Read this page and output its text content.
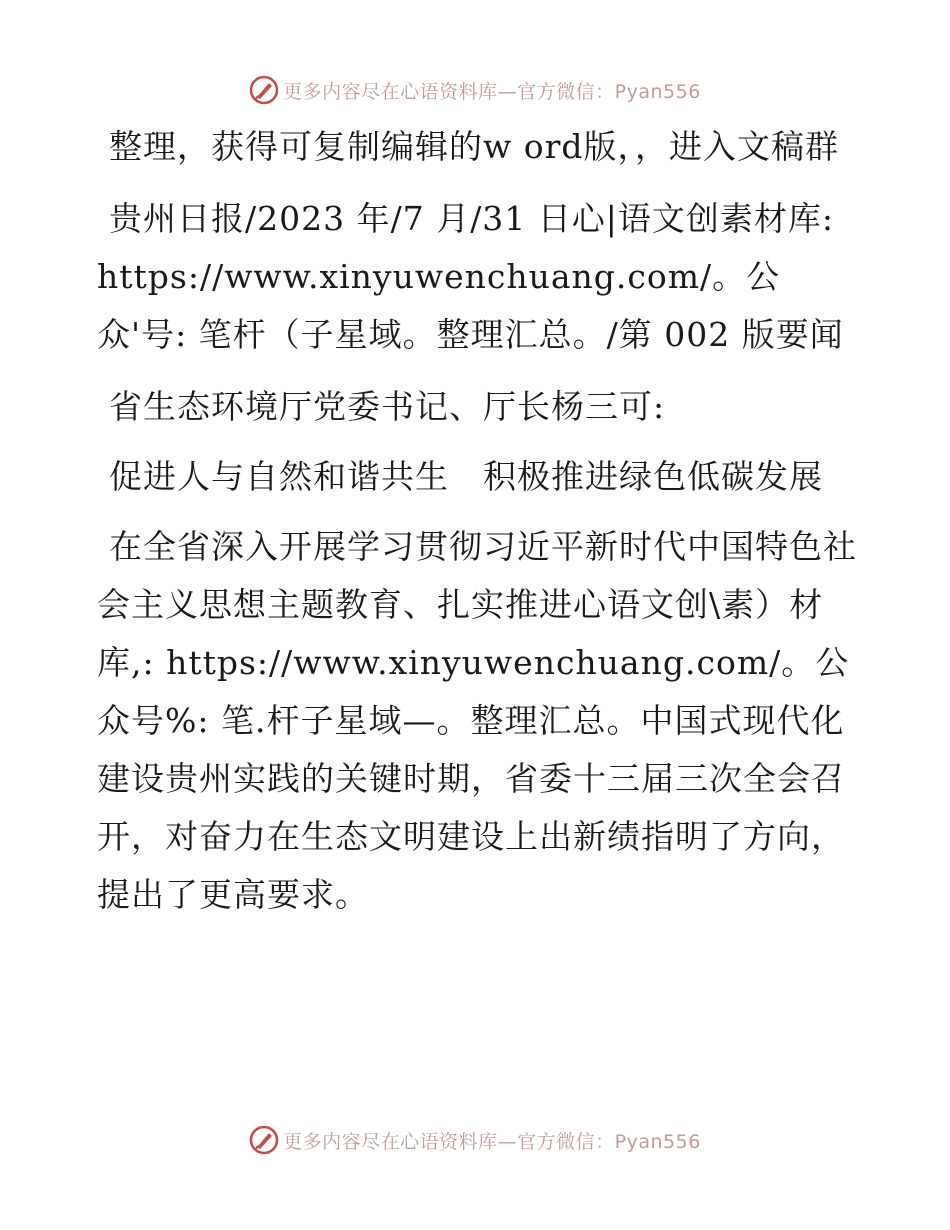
更多内容尽在心语资料库—官方微信：Pyan556

整理，获得可复制编辑的w ord版，，进入文稿群

贵州日报/2023 年/7 月/31 日心|语文创素材库: https://www.xinyuwenchuang.com/。公众'号: 笔杆（子星域。整理汇总。/第 002 版要闻

省生态环境厅党委书记、厅长杨三可:

促进人与自然和谐共生　积极推进绿色低碳发展

在全省深入开展学习贯彻习近平新时代中国特色社会主义思想主题教育、扎实推进心语文创\素）材库,: https://www.xinyuwenchuang.com/。公众号%: 笔.杆子星域—。整理汇总。中国式现代化建设贵州实践的关键时期，省委十三届三次全会召开，对奋力在生态文明建设上出新绩指明了方向，提出了更高要求。

更多内容尽在心语资料库—官方微信：Pyan556
